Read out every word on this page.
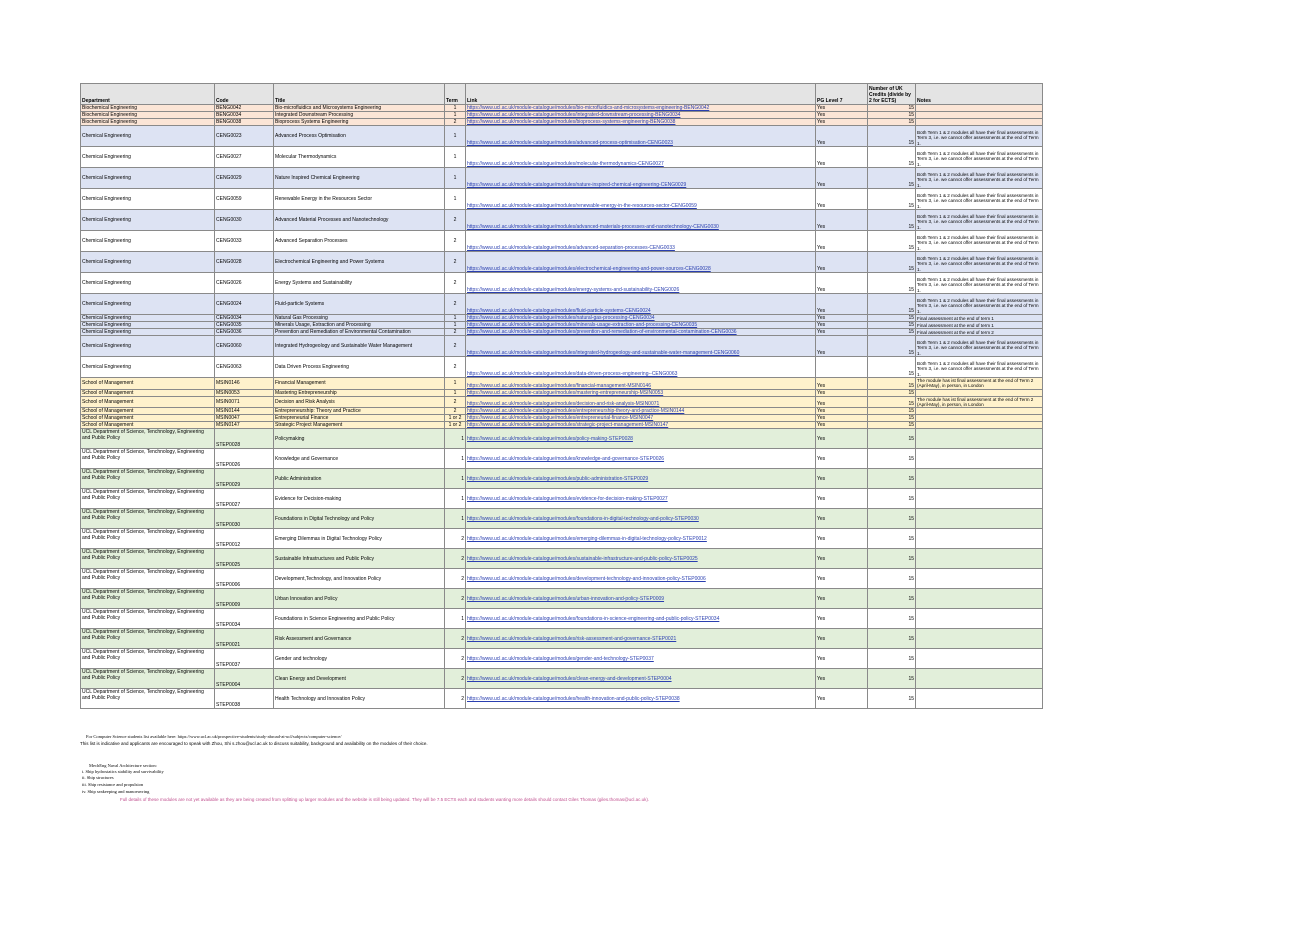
Department	Code	Title	Term	Link	PG Level 7	Number of UK Credits (divide by 2 for ECTS)	Notes
Biochemical Engineering	BENG0042	Bio-microfluidics and Microsystems Engineering	1	https://www.ucl.ac.uk/module-catalogue/modules/bio-microfluidics-and-microsystems-engineering-BENG0042	Yes	15	
Biochemical Engineering	BENG0034	Integrated Downstream Processing	1	https://www.ucl.ac.uk/module-catalogue/modules/integrated-downstream-processing-BENG0034	Yes	15	
Biochemical Engineering	BENG0038	Bioprocess Systems Engineering	2	https://www.ucl.ac.uk/module-catalogue/modules/bioprocess-systems-engineering-BENG0038	Yes	15	
Chemical Engineering	CENG0023	Advanced Process Optimisation	1	https://www.ucl.ac.uk/module-catalogue/modules/advanced-process-optimisation-CENG0023	Yes	15	Both Term 1 & 2 modules all have their final assessments in Term 3, i.e. we cannot offer assessments at the end of Term 1.
Chemical Engineering	CENG0027	Molecular Thermodynamics	1	https://www.ucl.ac.uk/module-catalogue/modules/molecular-thermodynamics-CENG0027	Yes	15	Both Term 1 & 2 modules all have their final assessments in Term 3, i.e. we cannot offer assessments at the end of Term 1.
Chemical Engineering	CENG0029	Nature Inspired Chemical Engineering	1	https://www.ucl.ac.uk/module-catalogue/modules/nature-inspired-chemical-engineering-CENG0029	Yes	15	Both Term 1 & 2 modules all have their final assessments in Term 3, i.e. we cannot offer assessments at the end of Term 1.
Chemical Engineering	CENG0059	Renewable Energy in the Resources Sector	1	https://www.ucl.ac.uk/module-catalogue/modules/renewable-energy-in-the-resources-sector-CENG0059	Yes	15	Both Term 1 & 2 modules all have their final assessments in Term 3, i.e. we cannot offer assessments at the end of Term 1.
Chemical Engineering	CENG0030	Advanced Material Processes and Nanotechnology	2	https://www.ucl.ac.uk/module-catalogue/modules/advanced-materials-processes-and-nanotechnology-CENG0030	Yes	15	Both Term 1 & 2 modules all have their final assessments in Term 3, i.e. we cannot offer assessments at the end of Term 1.
Chemical Engineering	CENG0033	Advanced Separation Processes	2	https://www.ucl.ac.uk/module-catalogue/modules/advanced-separation-processes-CENG0033	Yes	15	Both Term 1 & 2 modules all have their final assessments in Term 3, i.e. we cannot offer assessments at the end of Term 1.
Chemical Engineering	CENG0028	Electrochemical Engineering and Power Systems	2	https://www.ucl.ac.uk/module-catalogue/modules/electrochemical-engineering-and-power-sources-CENG0028	Yes	15	Both Term 1 & 2 modules all have their final assessments in Term 3, i.e. we cannot offer assessments at the end of Term 1.
Chemical Engineering	CENG0026	Energy Systems and Sustainability	2	https://www.ucl.ac.uk/module-catalogue/modules/energy-systems-and-sustainability-CENG0026	Yes	15	Both Term 1 & 2 modules all have their final assessments in Term 3, i.e. we cannot offer assessments at the end of Term 1.
Chemical Engineering	CENG0024	Fluid-particle Systems	2	https://www.ucl.ac.uk/module-catalogue/modules/fluid-particle-systems-CENG0024	Yes	15	Both Term 1 & 2 modules all have their final assessments in Term 3, i.e. we cannot offer assessments at the end of Term 1.
Chemical Engineering	CENG0034	Natural Gas Processing	1	https://www.ucl.ac.uk/module-catalogue/modules/natural-gas-processing-CENG0034	Yes	15	Final assessment at the end of term 1
Chemical Engineering	CENG0035	Minerals Usage, Extraction and Processing	1	https://www.ucl.ac.uk/module-catalogue/modules/minerals-usage-extraction-and-processing-CENG0035	Yes	15	Final assessment at the end of term 1
Chemical Engineering	CENG0036	Prevention and Remediation of Environmental Contamination	2	https://www.ucl.ac.uk/module-catalogue/modules/prevention-and-remediation-of-environmental-contamination-CENG0036	Yes	15	Final assessment at the end of term 2
Chemical Engineering	CENG0060	Integrated Hydrogeology and Sustainable Water Management	2	https://www.ucl.ac.uk/module-catalogue/modules/integrated-hydrogeology-and-sustainable-water-management-CENG0060	Yes	15	Both Term 1 & 2 modules all have their final assessments in Term 3, i.e. we cannot offer assessments at the end of Term 1.
Chemical Engineering	CENG0063	Data Driven Process Engineering	2	https://www.ucl.ac.uk/module-catalogue/modules/data-driven-process-engineering--CENG0063		15	Both Term 1 & 2 modules all have their final assessments in Term 3, i.e. we cannot offer assessments at the end of Term 1.
School of Management	MSIN0146	Financial Management	1	https://www.ucl.ac.uk/module-catalogue/modules/financial-management-MSIN0146	Yes	15	The module has ist final assessment at the end of Term 2 (April-May), in person, in London
School of Management	MSIN0053	Mastering Entrepreneurship	1	https://www.ucl.ac.uk/module-catalogue/modules/mastering-entrepreneurship-MSIN0053	Yes	15	
School of Management	MSIN0071	Decision and Risk Analysis	2	https://www.ucl.ac.uk/module-catalogue/modules/decision-and-risk-analysis-MSIN0071	Yes	15	The module has ist final assessment at the end of Term 2 (April-May), in person, in London
School of Management	MSIN0144	Entrepreneurship: Theory and Practice	2	https://www.ucl.ac.uk/module-catalogue/modules/entrepreneurship-theory-and-practice-MSIN0144	Yes	15	
School of Management	MSIN0047	Entrepreneurial Finance	1 or 2	https://www.ucl.ac.uk/module-catalogue/modules/entrepreneurial-finance-MSIN0047	Yes	15	
School of Management	MSIN0147	Strategic Project Management	1 or 2	https://www.ucl.ac.uk/module-catalogue/modules/strategic-project-management-MSIN0147	Yes	15	
UCL Department of Science, Tenchnology, Engineering and Public Policy	STEP0028	Policymaking	1	https://www.ucl.ac.uk/module-catalogue/modules/policy-making-STEP0028	Yes	15	
UCL Department of Science, Tenchnology, Engineering and Public Policy	STEP0026	Knowledge and Governance	1	https://www.ucl.ac.uk/module-catalogue/modules/knowledge-and-governance-STEP0026	Yes	15	
UCL Department of Science, Tenchnology, Engineering and Public Policy	STEP0029	Public Administration	1	https://www.ucl.ac.uk/module-catalogue/modules/public-administration-STEP0029	Yes	15	
UCL Department of Science, Tenchnology, Engineering and Public Policy	STEP0027	Evidence for Decision-making	1	https://www.ucl.ac.uk/module-catalogue/modules/evidence-for-decision-making-STEP0027	Yes	15	
UCL Department of Science, Tenchnology, Engineering and Public Policy	STEP0030	Foundations in Digital Technology and Policy	1	https://www.ucl.ac.uk/module-catalogue/modules/foundations-in-digital-technology-and-policy-STEP0030	Yes	15	
UCL Department of Science, Tenchnology, Engineering and Public Policy	STEP0012	Emerging Dilemmas in Digital Technology Policy	2	https://www.ucl.ac.uk/module-catalogue/modules/emerging-dilemmas-in-digital-technology-policy-STEP0012	Yes	15	
UCL Department of Science, Tenchnology, Engineering and Public Policy	STEP0025	Sustainable Infrastructures and Public Policy	2	https://www.ucl.ac.uk/module-catalogue/modules/sustainable-infrastructure-and-public-policy-STEP0025	Yes	15	
UCL Department of Science, Tenchnology, Engineering and Public Policy	STEP0006	Development,Technology, and Innovation Policy	2	https://www.ucl.ac.uk/module-catalogue/modules/development-technology-and-innovation-policy-STEP0006	Yes	15	
UCL Department of Science, Tenchnology, Engineering and Public Policy	STEP0009	Urban Innovation and Policy	2	https://www.ucl.ac.uk/module-catalogue/modules/urban-innovation-and-policy-STEP0009	Yes	15	
UCL Department of Science, Tenchnology, Engineering and Public Policy	STEP0034	Foundations in Science Engineering and Public Policy	1	https://www.ucl.ac.uk/module-catalogue/modules/foundations-in-science-engineering-and-public-policy-STEP0034	Yes	15	
UCL Department of Science, Tenchnology, Engineering and Public Policy	STEP0021	Risk Assessment and Governance	2	https://www.ucl.ac.uk/module-catalogue/modules/risk-assessment-and-governance-STEP0021	Yes	15	
UCL Department of Science, Tenchnology, Engineering and Public Policy	STEP0037	Gender and technology	2	https://www.ucl.ac.uk/module-catalogue/modules/gender-and-technology-STEP0037	Yes	15	
UCL Department of Science, Tenchnology, Engineering and Public Policy	STEP0004	Clean Energy and Development	2	https://www.ucl.ac.uk/module-catalogue/modules/clean-energy-and-development-STEP0004	Yes	15	
UCL Department of Science, Tenchnology, Engineering and Public Policy	STEP0038	Health Technology and Innovation Policy	2	https://www.ucl.ac.uk/module-catalogue/modules/health-innovation-and-public-policy-STEP0038	Yes	15	
For Computer Science students list available here: https://www.ucl.ac.uk/prospective-students/study-abroad-at-ucl/subjects/computer-science/
This list is indicative and applicants are encouraged to speak with Zhou, Shi s.zhou@ucl.ac.uk to discuss suitability, background and availability on the modules of their choice.
MechEng Naval Architecture section:
i. Ship hydrostatics stability and survivability
ii. Ship structures
iii. Ship resistance and propulsion
iv. Ship seakeeping and manoeuvring
Full details of these modules are not yet available as they are being created from splitting up larger modules and the website is still being updated. They will be 7.5 ECTS each and students wanting more details should contact Giles Thomas (giles.thomas@ucl.ac.uk).
